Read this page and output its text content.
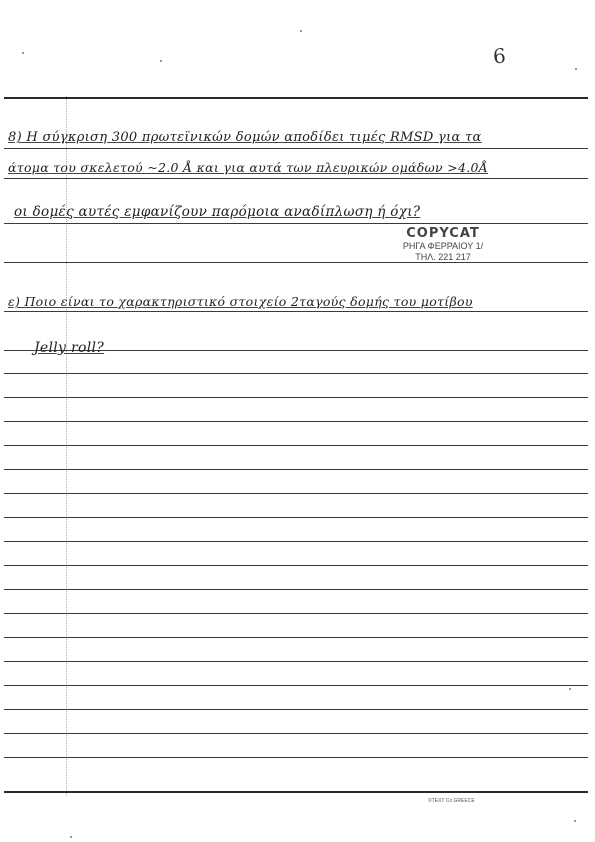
6
8) Η σύγκριση 300 πρωτεϊνικών δομών αποδίδει τιμές RMSD για τα
άτομα του σκελετού ~2.0 Å και για αυτά των πλευρικών ομάδων >4.0Å
οι δομές αυτές εμφανίζουν παρόμοια αναδίπλωση ή όχι?
COPYCAT
ΡΗΓΑ ΦΕΡΡΑΙΟΥ 1/
ΤΗΛ. 221 217
ε) Ποιο είναι το χαρακτηριστικό στοιχείο 2ταγούς δομής του μοτίβου
Jelly roll?
©TEXT Co GREECE
